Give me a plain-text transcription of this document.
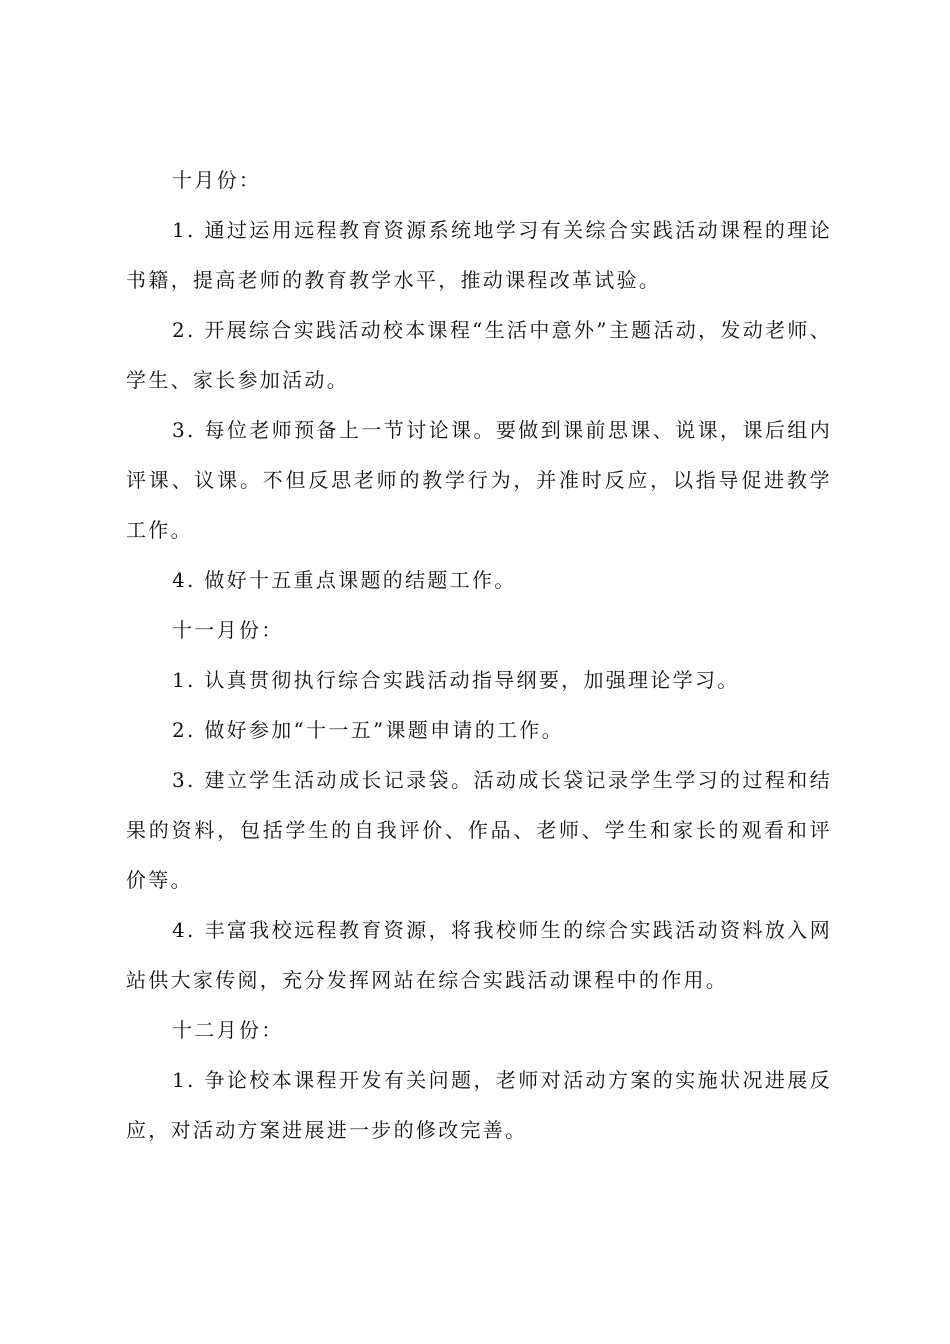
十月份：

1. 通过运用远程教育资源系统地学习有关综合实践活动课程的理论书籍，提高老师的教育教学水平，推动课程改革试验。

2. 开展综合实践活动校本课程“生活中意外”主题活动，发动老师、学生、家长参加活动。

3. 每位老师预备上一节讨论课。要做到课前思课、说课，课后组内评课、议课。不但反思老师的教学行为，并准时反应，以指导促进教学工作。

4. 做好十五重点课题的结题工作。

十一月份：

1. 认真贯彻执行综合实践活动指导纲要，加强理论学习。

2. 做好参加“十一五”课题申请的工作。

3. 建立学生活动成长记录袋。活动成长袋记录学生学习的过程和结果的资料，包括学生的自我评价、作品、老师、学生和家长的观看和评价等。

4. 丰富我校远程教育资源，将我校师生的综合实践活动资料放入网站供大家传阅，充分发挥网站在综合实践活动课程中的作用。

十二月份：

1. 争论校本课程开发有关问题，老师对活动方案的实施状况进展反应，对活动方案进展进一步的修改完善。
